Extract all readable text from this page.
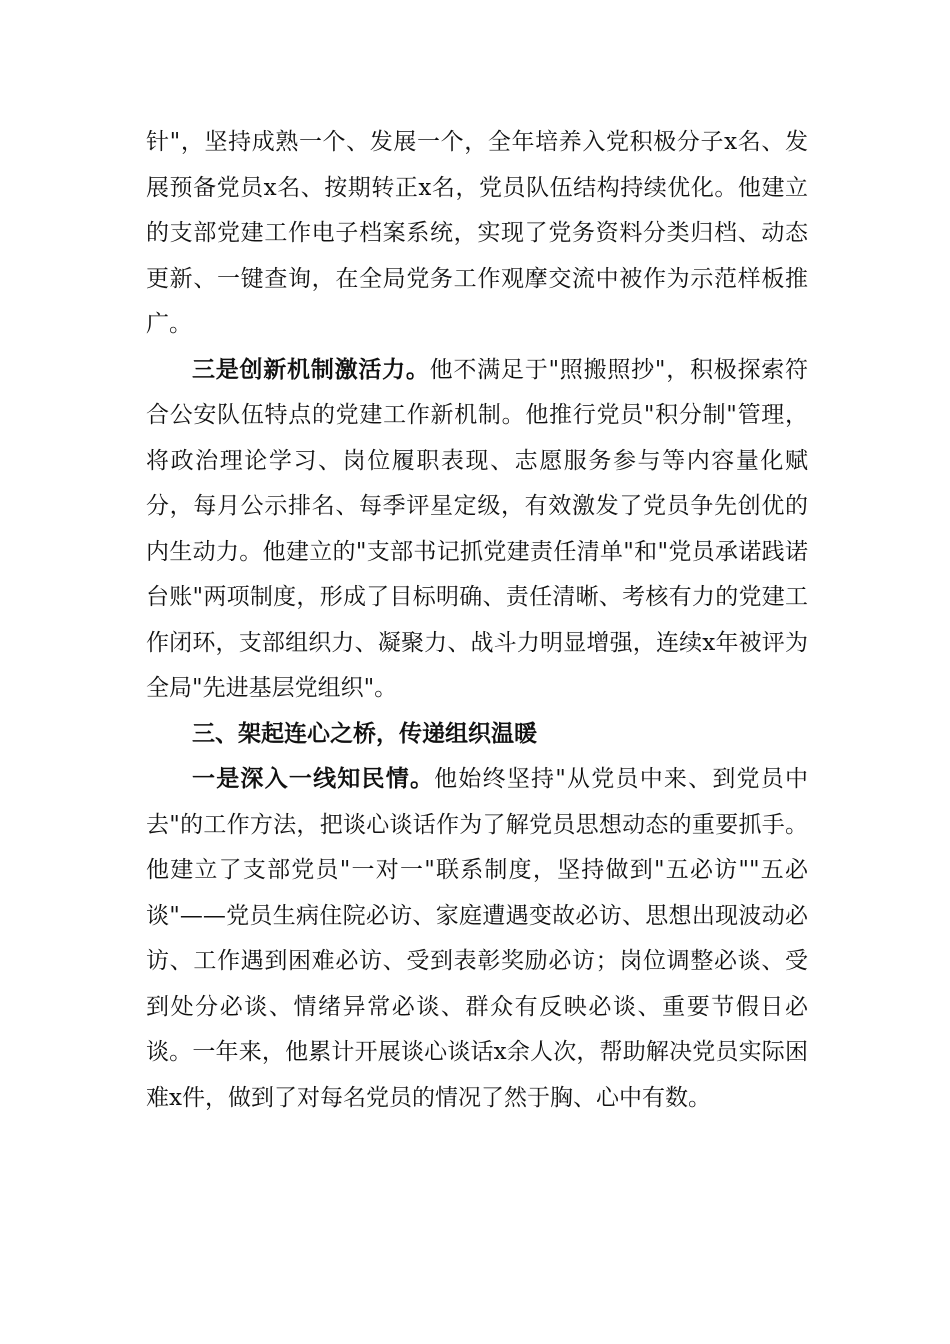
针"，坚持成熟一个、发展一个，全年培养入党积极分子x名、发展预备党员x名、按期转正x名，党员队伍结构持续优化。他建立的支部党建工作电子档案系统，实现了党务资料分类归档、动态更新、一键查询，在全局党务工作观摩交流中被作为示范样板推广。

三是创新机制激活力。他不满足于"照搬照抄"，积极探索符合公安队伍特点的党建工作新机制。他推行党员"积分制"管理，将政治理论学习、岗位履职表现、志愿服务参与等内容量化赋分，每月公示排名、每季评星定级，有效激发了党员争先创优的内生动力。他建立的"支部书记抓党建责任清单"和"党员承诺践诺台账"两项制度，形成了目标明确、责任清晰、考核有力的党建工作闭环，支部组织力、凝聚力、战斗力明显增强，连续x年被评为全局"先进基层党组织"。

三、架起连心之桥，传递组织温暖

一是深入一线知民情。他始终坚持"从党员中来、到党员中去"的工作方法，把谈心谈话作为了解党员思想动态的重要抓手。他建立了支部党员"一对一"联系制度，坚持做到"五必访""五必谈"——党员生病住院必访、家庭遭遇变故必访、思想出现波动必访、工作遇到困难必访、受到表彰奖励必访；岗位调整必谈、受到处分必谈、情绪异常必谈、群众有反映必谈、重要节假日必谈。一年来，他累计开展谈心谈话x余人次，帮助解决党员实际困难x件，做到了对每名党员的情况了然于胸、心中有数。
